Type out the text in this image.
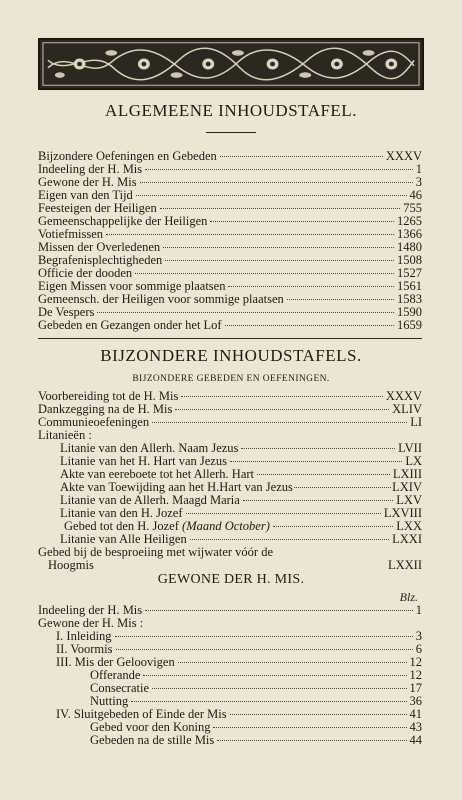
ALGEMEENE INHOUDSTAFEL.
Bijzondere Oefeningen en Gebeden	XXXV
Indeeling der H. Mis	1
Gewone der H. Mis	3
Eigen van den Tijd	46
Feesteigen der Heiligen	755
Gemeenschappelijke der Heiligen	1265
Votiefmissen	1366
Missen der Overledenen	1480
Begrafenisplechtigheden	1508
Officie der dooden	1527
Eigen Missen voor sommige plaatsen	1561
Gemeensch. der Heiligen voor sommige plaatsen	1583
De Vespers	1590
Gebeden en Gezangen onder het Lof	1659
BIJZONDERE INHOUDSTAFELS.
BIJZONDERE GEBEDEN EN OEFENINGEN.
Voorbereiding tot de H. Mis	XXXV
Dankzegging na de H. Mis	XLIV
Communieoefeningen	LI
Litanieën :
Litanie van den Allerh. Naam Jezus	LVII
Litanie van het H. Hart van Jezus	LX
Akte van eereboete tot het Allerh. Hart	LXIII
Akte van Toewijding aan het H.Hart van Jezus	LXIV
Litanie van de Allerh. Maagd Maria	LXV
Litanie van den H. Jozef	LXVIII
Gebed tot den H. Jozef (Maand October)	LXX
Litanie van Alle Heiligen	LXXI
Gebed bij de besproeiing met wijwater vóór de
Hoogmis	LXXII
GEWONE DER H. MIS.
Blz.
Indeeling der H. Mis	1
Gewone der H. Mis :
I. Inleiding	3
II. Voormis	6
III. Mis der Geloovigen	12
Offerande	12
Consecratie	17
Nutting	36
IV. Sluitgebeden of Einde der Mis	41
Gebed voor den Koning	43
Gebeden na de stille Mis	44
